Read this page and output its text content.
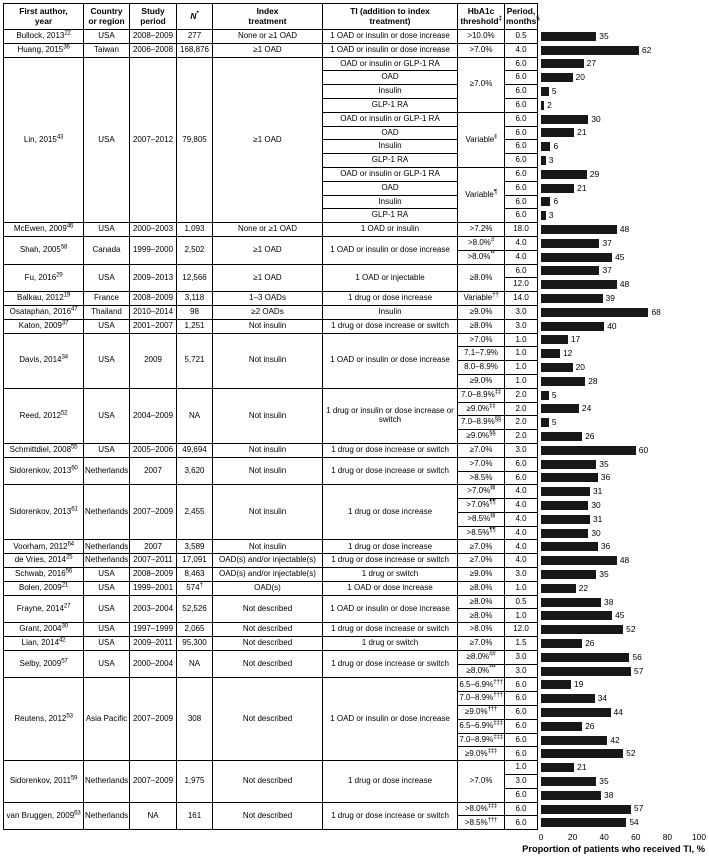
First author,
year	Country
or region	Study
period	N*	Index
treatment	TI (addition to index
treatment)	HbA1c
threshold‡	Period,
months§	
Bullock, 2013$^{22}$	USA	2008–2009	277	None or ≥1 OAD	1 OAD or insulin or dose increase	>10.0%	0.5	35

Huang, 2015$^{36}$	Taiwan	2006–2008	168,876	≥1 OAD	1 OAD or insulin or dose increase	>7.0%	4.0	62

Lin, 2015$^{43}$	USA	2007–2012	79,805	≥1 OAD	OAD or insulin or GLP-1 RA	≥7.0%	6.0	27

					OAD		6.0	20

					Insulin		6.0	5

					GLP-1 RA		6.0	2

					OAD or insulin or GLP-1 RA	Variable‖	6.0	30

					OAD		6.0	21

					Insulin		6.0	6

					GLP-1 RA		6.0	3

					OAD or insulin or GLP-1 RA	Variable¶	6.0	29

					OAD		6.0	21

					Insulin		6.0	6

					GLP-1 RA		6.0	3

McEwen, 2009$^{46}$	USA	2000–2003	1,093	None or ≥1 OAD	1 OAD or insulin	>7.2%	18.0	48

Shah, 2005$^{58}$	Canada	1999–2000	2,502	≥1 OAD	1 OAD or insulin or dose increase	>8.0%#	4.0	37

						>8.0%**	4.0	45

Fu, 2016$^{29}$	USA	2009–2013	12,566	≥1 OAD	1 OAD or injectable	≥8.0%	6.0	37

							12.0	48

Balkau, 2012$^{19}$	France	2008–2009	3,118	1–3 OADs	1 drug or dose increase	Variable††	14.0	39

Osataphan, 2016$^{47}$	Thailand	2010–2014	98	≥2 OADs	Insulin	≥9.0%	3.0	68

Katon, 2009$^{37}$	USA	2001–2007	1,251	Not insulin	1 drug or dose increase or switch	≥8.0%	3.0	40

Davis, 2014$^{34}$	USA	2009	5,721	Not insulin	1 OAD or insulin or dose increase	>7.0%	1.0	17

						7.1–7.9%	1.0	12

						8.0–8.9%	1.0	20

						≥9.0%	1.0	28

Reed, 2012$^{52}$	USA	2004–2009	NA	Not insulin	1 drug or insulin or dose increase or switch	7.0–8.9%‡‡	2.0	5

						≥9.0%‡‡	2.0	24

						7.0–8.9%§§	2.0	5

						≥9.0%§§	2.0	26

Schmittdiel, 2008$^{55}$	USA	2005–2006	49,694	Not insulin	1 drug or dose increase or switch	≥7.0%	3.0	60

Sidorenkov, 2013$^{60}$	Netherlands	2007	3,620	Not insulin	1 drug or dose increase or switch	>7.0%	6.0	35

						>8.5%	6.0	36

Sidorenkov, 2013$^{61}$	Netherlands	2007–2009	2,455	Not insulin	1 drug or dose increase	>7.0%‖‖	4.0	31

						>7.0%¶¶	4.0	30

						>8.5%‖‖	4.0	31

						>8.5%¶¶	4.0	30

Voorham, 2012$^{64}$	Netherlands	2007	3,589	Not insulin	1 drug or dose increase	≥7.0%	4.0	36

de Vries, 2014$^{25}$	Netherlands	2007–2011	17,091	OAD(s) and/or injectable(s)	1 drug or dose increase or switch	≥7.0%	4.0	48

Schwab, 2016$^{56}$	USA	2008–2009	8,463	OAD(s) and/or injectable(s)	1 drug or switch	≥9.0%	3.0	35

Bolen, 2009$^{21}$	USA	1999–2001	574†	OAD(s)	1 OAD or dose increase	≥8.0%	1.0	22

Frayne, 2014$^{27}$	USA	2003–2004	52,526	Not described	1 OAD or insulin or dose increase	≥8.0%	0.5	38

						≥8.0%	1.0	45

Grant, 2004$^{30}$	USA	1997–1999	2,065	Not described	1 drug or dose increase or switch	>8.0%	12.0	52

Lian, 2014$^{42}$	USA	2009–2011	95,300	Not described	1 drug or switch	≥7.0%	1.5	26

Selby, 2009$^{57}$	USA	2000–2004	NA	Not described	1 drug or dose increase or switch	≥8.0%##	3.0	56

						≥8.0%***	3.0	57

Reutens, 2012$^{53}$	Asia Pacific	2007–2009	308	Not described	1 OAD or insulin or dose increase	6.5–6.9%†††	6.0	19

						7.0–8.9%†††	6.0	34

						≥9.0%†††	6.0	44

						6.5–6.9%‡‡‡	6.0	26

						7.0–8.9%‡‡‡	6.0	42

						≥9.0%‡‡‡	6.0	52

Sidorenkov, 2011$^{59}$	Netherlands	2007–2009	1,975	Not described	1 drug or dose increase	>7.0%	1.0	21

							3.0	35

							6.0	38

van Bruggen, 2009$^{63}$	Netherlands	NA	161	Not described	1 drug or dose increase or switch	>8.0%‡‡‡	6.0	57

						>8.5%†††	6.0	54
0	20	40	60	80 100
Proportion of patients who received TI, %
